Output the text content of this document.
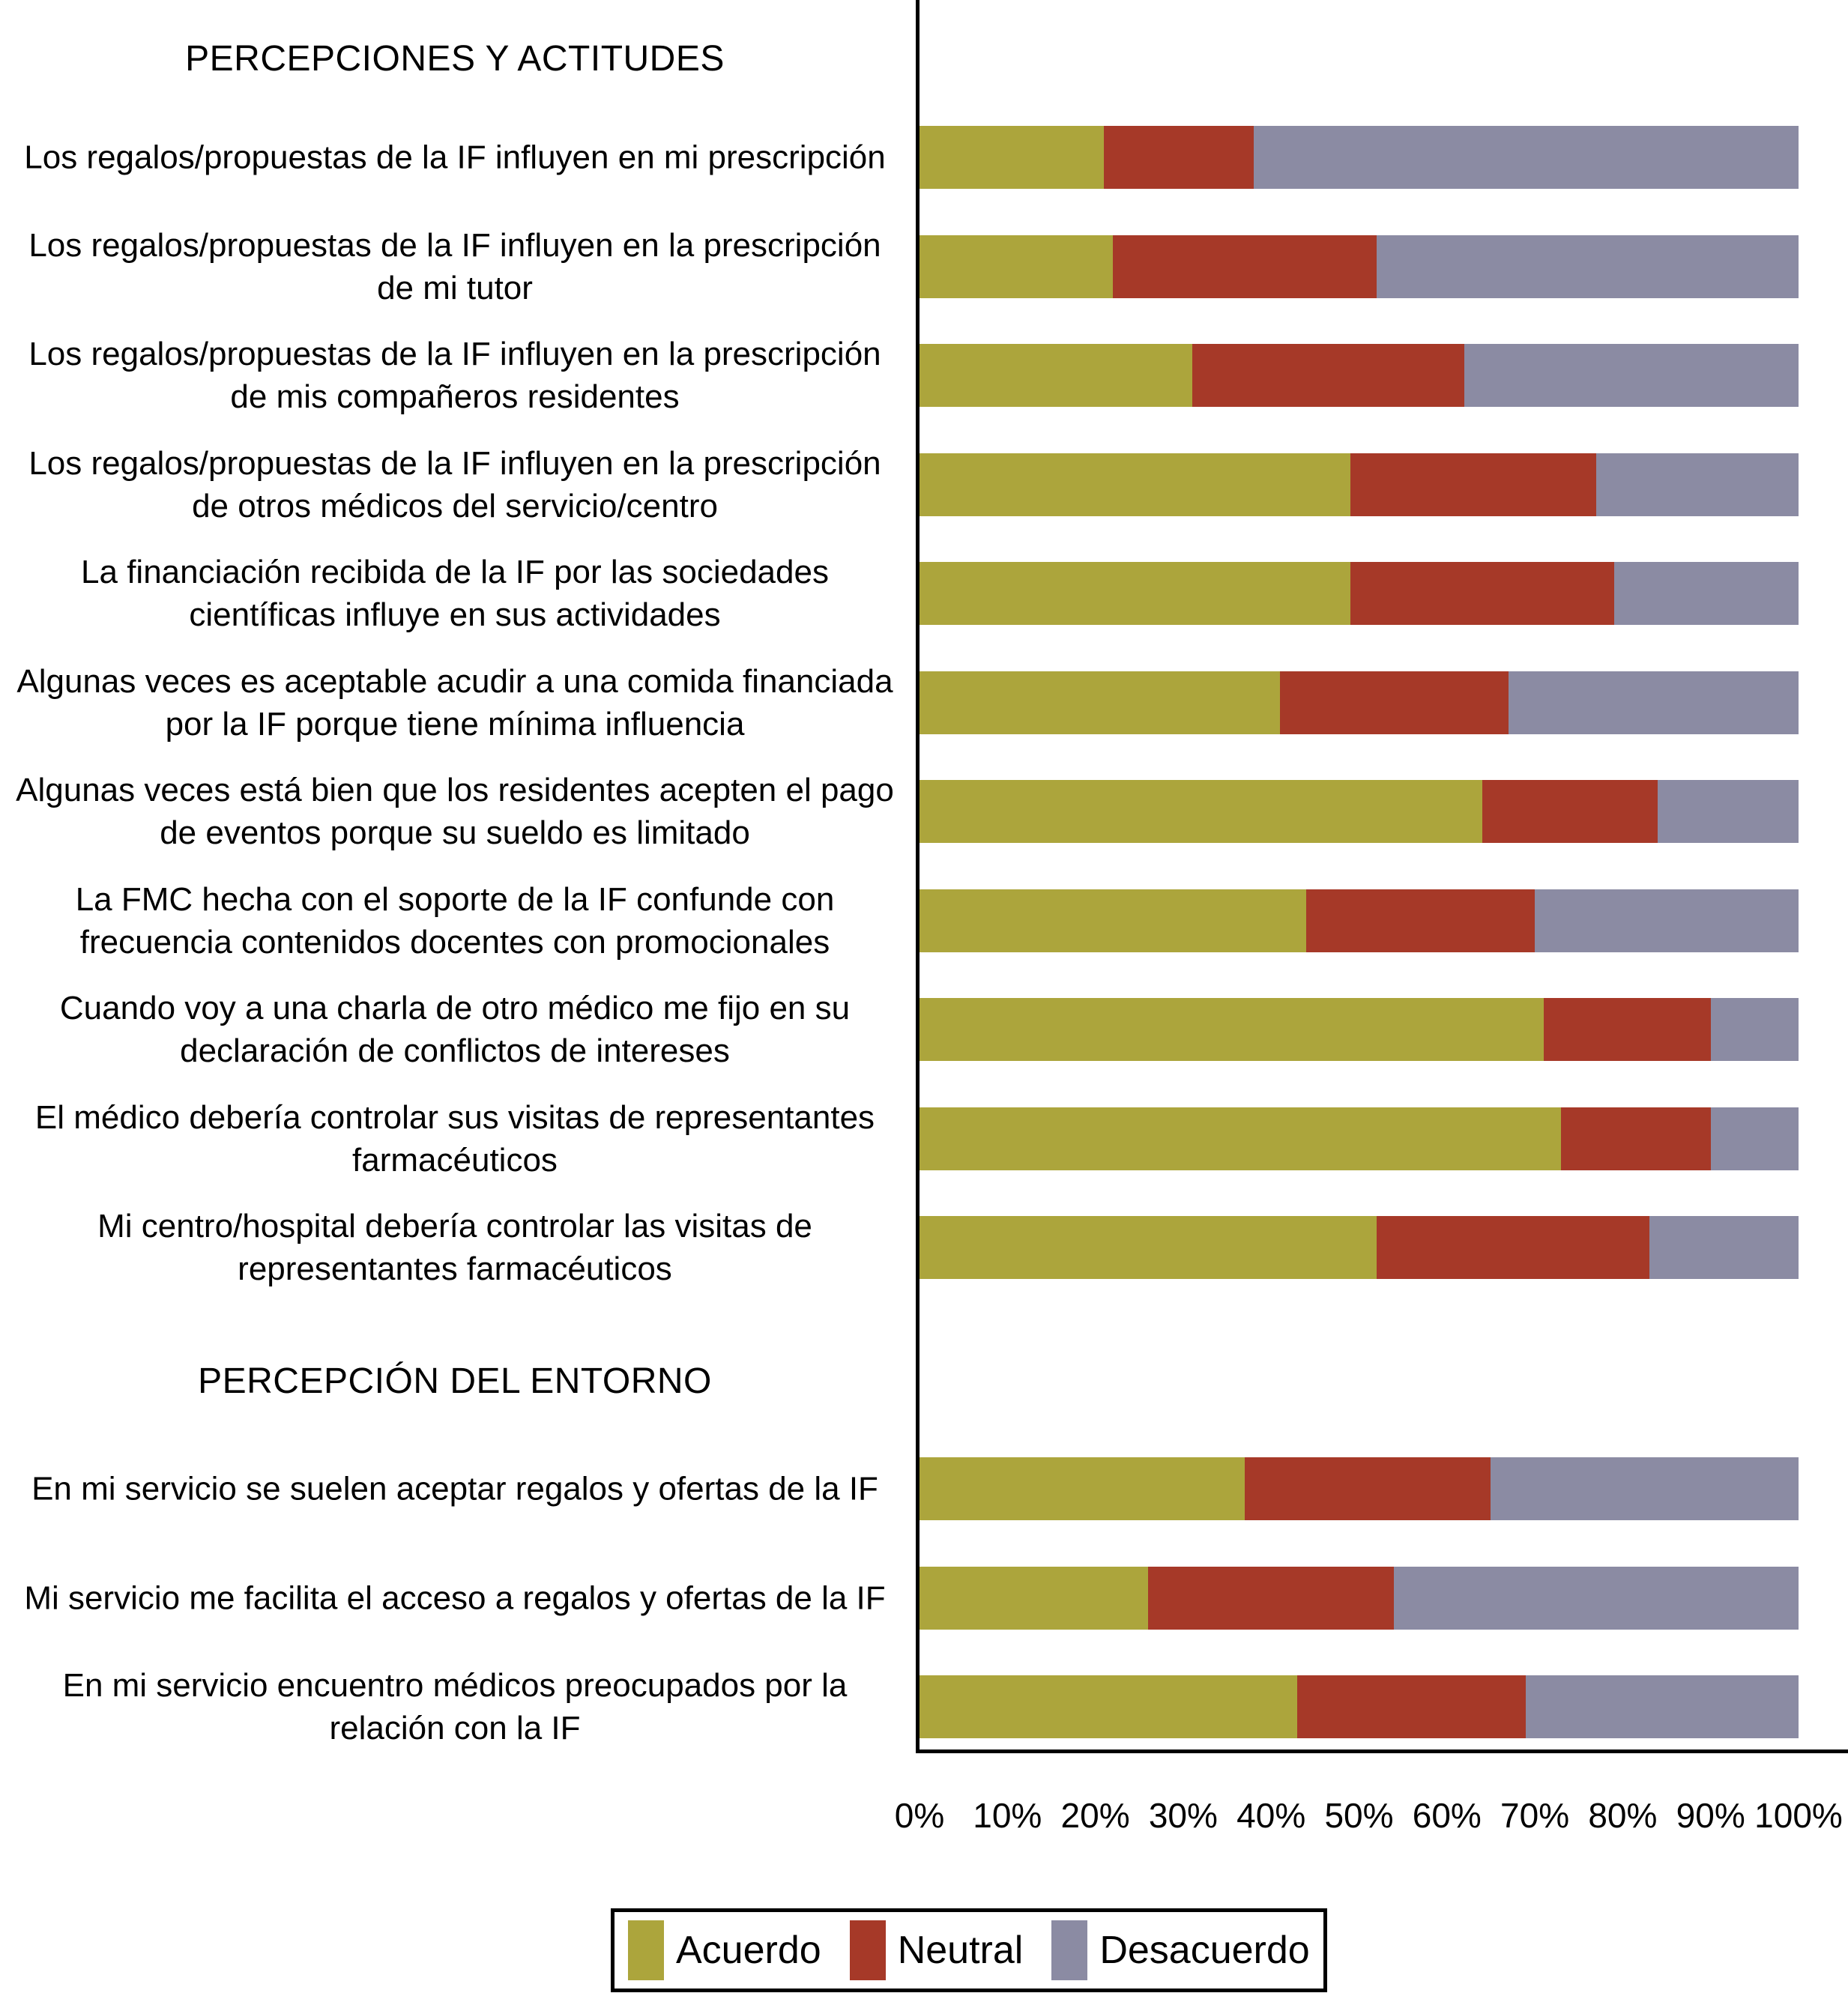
PERCEPCIONES Y ACTITUDES
PERCEPCIÓN DEL ENTORNO
Los regalos/propuestas de la IF influyen en mi prescripción
Los regalos/propuestas de la IF influyen en la prescripción de mi tutor
Los regalos/propuestas de la IF influyen en la prescripción de mis compañeros residentes
Los regalos/propuestas de la IF influyen en la prescripción de otros médicos del servicio/centro
La financiación recibida de la IF por las sociedades científicas influye en sus actividades
Algunas veces es aceptable acudir a una comida financiada por la IF porque tiene mínima influencia
Algunas veces está bien que los residentes acepten el pago de eventos porque su sueldo es limitado
La FMC hecha con el soporte de la IF confunde con frecuencia contenidos docentes con promocionales
Cuando voy a una charla de otro médico me fijo en su declaración de conflictos de intereses
El médico debería controlar sus visitas de representantes farmacéuticos
Mi centro/hospital debería controlar las visitas de representantes farmacéuticos
En mi servicio se suelen aceptar regalos y ofertas de la IF
Mi servicio me facilita el acceso a regalos y ofertas de la IF
En mi servicio encuentro médicos preocupados por la relación con la IF
0% 10% 20% 30% 40% 50% 60% 70% 80% 90% 100%
Acuerdo Neutral Desacuerdo
